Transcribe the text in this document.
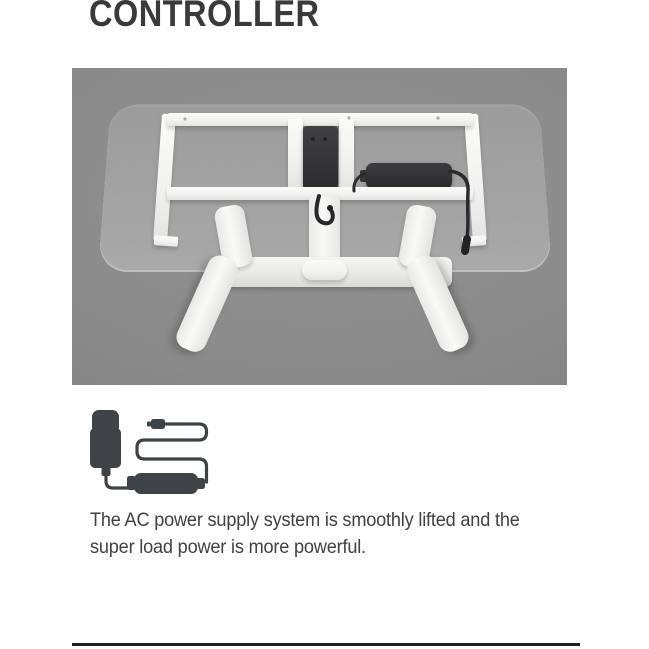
CONTROLLER

The AC power supply system is smoothly lifted and the
super load power is more powerful.
